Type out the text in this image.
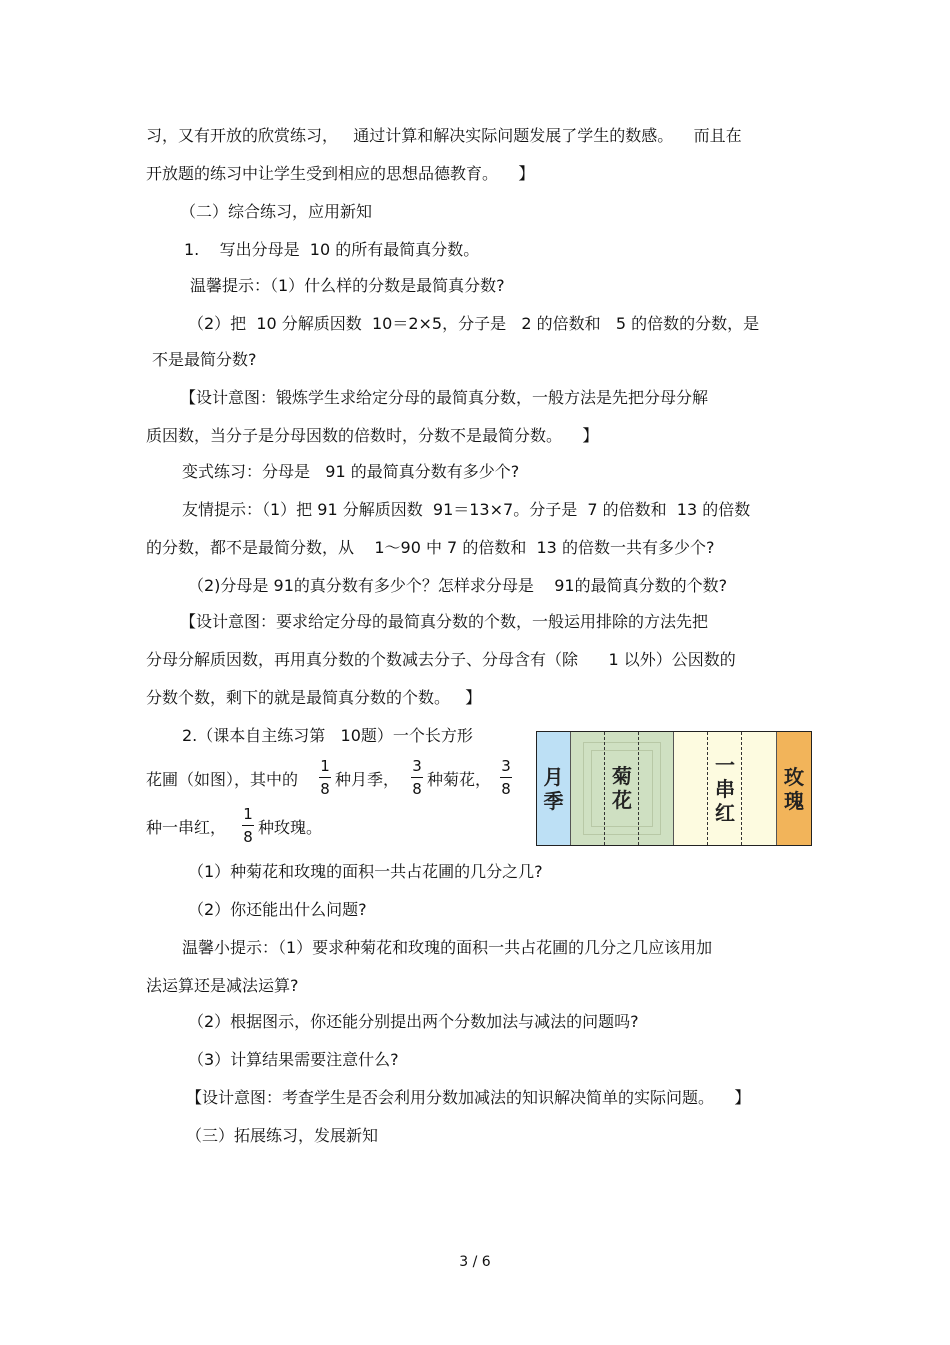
习，又有开放的欣赏练习，   通过计算和解决实际问题发展了学生的数感。    而且在
开放题的练习中让学生受到相应的思想品德教育。    】
（二）综合练习，应用新知
1.    写出分母是  10 的所有最简真分数。
温馨提示：（1）什么样的分数是最简真分数?
（2）把  10 分解质因数  10＝2×5，分子是   2 的倍数和   5 的倍数的分数，是
不是最简分数?
【设计意图：锻炼学生求给定分母的最简真分数，一般方法是先把分母分解
质因数，当分子是分母因数的倍数时，分数不是最简分数。    】
变式练习：分母是   91 的最简真分数有多少个?
友情提示：（1）把 91 分解质因数  91＝13×7。分子是  7 的倍数和  13 的倍数
的分数，都不是最简分数，从    1～90 中 7 的倍数和  13 的倍数一共有多少个?
（2)分母是 91的真分数有多少个？怎样求分母是    91的最简真分数的个数?
【设计意图：要求给定分母的最简真分数的个数，一般运用排除的方法先把
分母分解质因数，再用真分数的个数减去分子、分母含有（除      1 以外）公因数的
分数个数，剩下的就是最简真分数的个数。   】
2.（课本自主练习第   10题）一个长方形
花圃（如图），其中的
1
8 种月季，
3
8 种菊花，
3
8
种一串红，
1
8 种玫瑰。
月
季
菊
花
一
串
红
玫
瑰
（1）种菊花和玫瑰的面积一共占花圃的几分之几?
（2）你还能出什么问题?
温馨小提示：（1）要求种菊花和玫瑰的面积一共占花圃的几分之几应该用加
法运算还是减法运算?
（2）根据图示，你还能分别提出两个分数加法与减法的问题吗?
（3）计算结果需要注意什么?
【设计意图：考查学生是否会利用分数加减法的知识解决简单的实际问题。    】
（三）拓展练习，发展新知
3 / 6
